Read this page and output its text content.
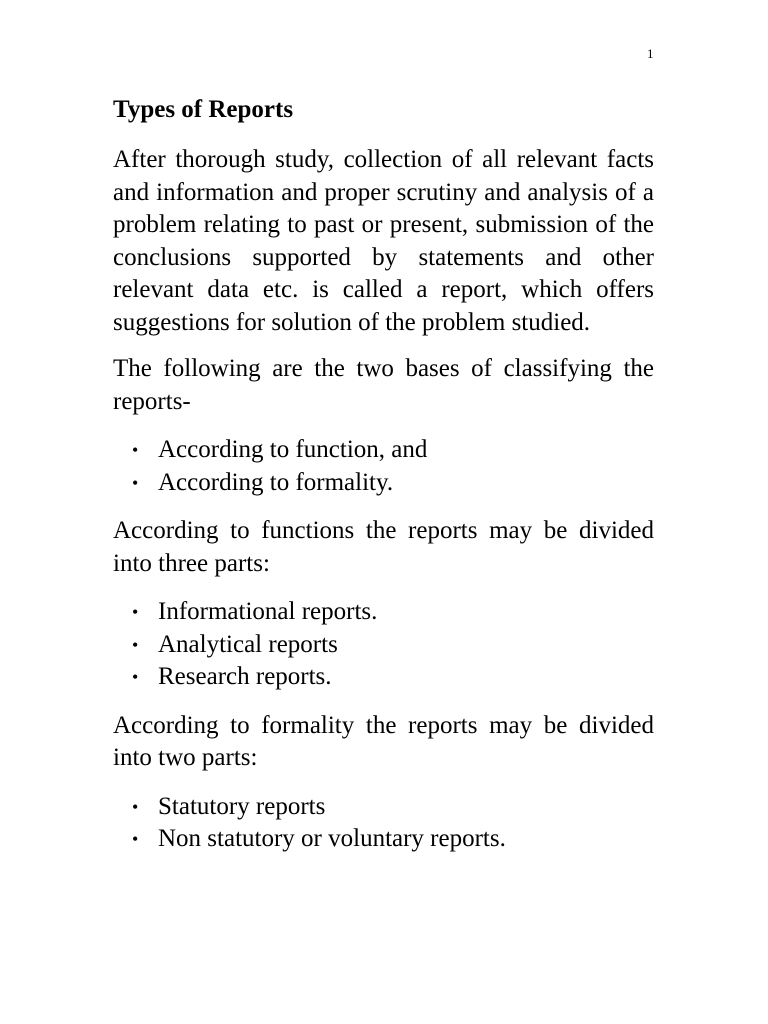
1
Types of Reports

After thorough study, collection of all relevant facts and information and proper scrutiny and analysis of a problem relating to past or present, submission of the conclusions supported by statements and other relevant data etc. is called a report, which offers suggestions for solution of the problem studied.

The following are the two bases of classifying the reports-

• According to function, and
• According to formality.

According to functions the reports may be divided into three parts:

• Informational reports.
• Analytical reports
• Research reports.

According to formality the reports may be divided into two parts:

• Statutory reports
• Non statutory or voluntary reports.
